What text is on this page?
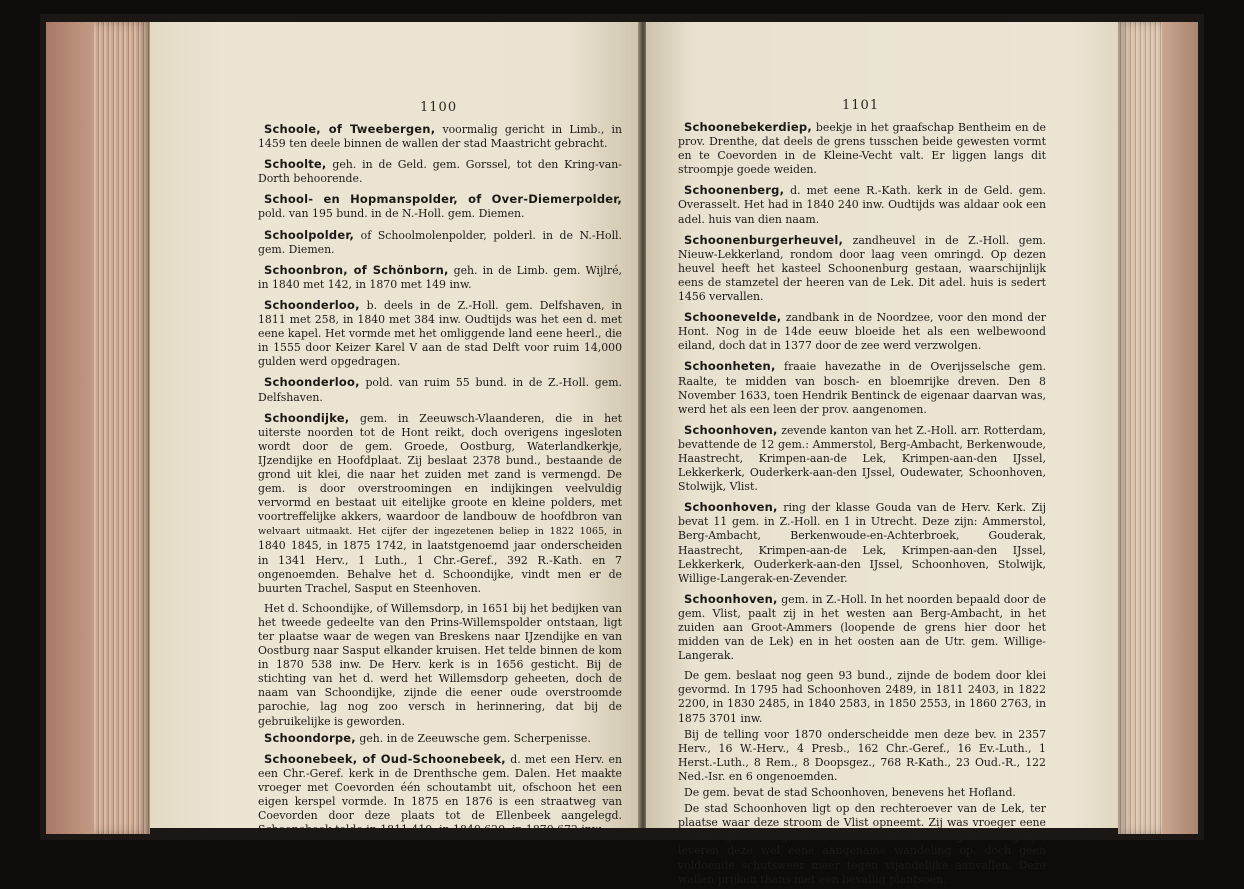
1100

Schoole, of Tweebergen, voormalig gericht in Limb., in 1459 ten deele binnen de wallen der stad Maastricht gebracht.

Schoolte, geh. in de Geld. gem. Gorssel, tot den Kring-van-Dorth behoorende.

School- en Hopmanspolder, of Over-Diemerpolder, pold. van 195 bund. in de N.-Holl. gem. Diemen.

Schoolpolder, of Schoolmolenpolder, polderl. in de N.-Holl. gem. Diemen.

Schoonbron, of Schönborn, geh. in de Limb. gem. Wijlré, in 1840 met 142, in 1870 met 149 inw.

Schoonderloo, b. deels in de Z.-Holl. gem. Delfshaven, in 1811 met 258, in 1840 met 384 inw. Oudtijds was het een d. met eene kapel. Het vormde met het omliggende land eene heerl., die in 1555 door Keizer Karel V aan de stad Delft voor ruim 14,000 gulden werd opgedragen.

Schoonderloo, pold. van ruim 55 bund. in de Z.-Holl. gem. Delfshaven.

Schoondijke, gem. in Zeeuwsch-Vlaanderen, die in het uiterste noorden tot de Hont reikt, doch overigens ingesloten wordt door de gem. Groede, Oostburg, Waterlandkerkje, IJzendijke en Hoofdplaat. Zij beslaat 2378 bund., bestaande de grond uit klei, die naar het zuiden met zand is vermengd. De gem. is door overstroomingen en indijkingen veelvuldig vervormd en bestaat uit eitelijke groote en kleine polders, met voortreffelijke akkers, waardoor de landbouw de hoofdbron van welvaart uitmaakt. Het cijfer der ingezetenen beliep in 1822 1065, in 1840 1845, in 1875 1742, in laatstgenoemd jaar onderscheiden in 1341 Herv., 1 Luth., 1 Chr.-Geref., 392 R.-Kath. en 7 ongenoemden. Behalve het d. Schoondijke, vindt men er de buurten Trachel, Sasput en Steenhoven.

Het d. Schoondijke, of Willemsdorp, in 1651 bij het bedijken van het tweede gedeelte van den Prins-Willemspolder ontstaan, ligt ter plaatse waar de wegen van Breskens naar IJzendijke en van Oostburg naar Sasput elkander kruisen. Het telde binnen de kom in 1870 538 inw. De Herv. kerk is in 1656 gesticht. Bij de stichting van het d. werd het Willemsdorp geheeten, doch de naam van Schoondijke, zijnde die eener oude overstroomde parochie, lag nog zoo versch in herinnering, dat bij de gebruikelijke is geworden.

Schoondorpe, geh. in de Zeeuwsche gem. Scherpenisse.

Schoonebeek, of Oud-Schoonebeek, d. met een Herv. en een Chr.-Geref. kerk in de Drenthsche gem. Dalen. Het maakte vroeger met Coevorden één schoutambt uit, ofschoon het een eigen kerspel vormde. In 1875 en 1876 is een straatweg van Coevorden door deze plaats tot de Ellenbeek aangelegd. Schoonebeek telde in 1811 410, in 1840 620, in 1870 672 inw.

1101

Schoonebekerdiep, beekje in het graafschap Bentheim en de prov. Drenthe, dat deels de grens tusschen beide gewesten vormt en te Coevorden in de Kleine-Vecht valt. Er liggen langs dit stroompje goede weiden.

Schoonenberg, d. met eene R.-Kath. kerk in de Geld. gem. Overasselt. Het had in 1840 240 inw. Oudtijds was aldaar ook een adel. huis van dien naam.

Schoonenburgerheuvel, zandheuvel in de Z.-Holl. gem. Nieuw-Lekkerland, rondom door laag veen omringd. Op dezen heuvel heeft het kasteel Schoonenburg gestaan, waarschijnlijk eens de stamzetel der heeren van de Lek. Dit adel. huis is sedert 1456 vervallen.

Schoonevelde, zandbank in de Noordzee, voor den mond der Hont. Nog in de 14de eeuw bloeide het als een welbewoond eiland, doch dat in 1377 door de zee werd verzwolgen.

Schoonheten, fraaie havezathe in de Overijsselsche gem. Raalte, te midden van bosch- en bloemrijke dreven. Den 8 November 1633, toen Hendrik Bentinck de eigenaar daarvan was, werd het als een leen der prov. aangenomen.

Schoonhoven, zevende kanton van het Z.-Holl. arr. Rotterdam, bevattende de 12 gem.: Ammerstol, Berg-Ambacht, Berkenwoude, Haastrecht, Krimpen-aan-de Lek, Krimpen-aan-den IJssel, Lekkerkerk, Ouderkerk-aan-den IJssel, Oudewater, Schoonhoven, Stolwijk, Vlist.

Schoonhoven, ring der klasse Gouda van de Herv. Kerk. Zij bevat 11 gem. in Z.-Holl. en 1 in Utrecht. Deze zijn: Ammerstol, Berg-Ambacht, Berkenwoude-en-Achterbroek, Gouderak, Haastrecht, Krimpen-aan-de Lek, Krimpen-aan-den IJssel, Lekkerkerk, Ouderkerk-aan-den IJssel, Schoonhoven, Stolwijk, Willige-Langerak-en-Zevender.

Schoonhoven, gem. in Z.-Holl. In het noorden bepaald door de gem. Vlist, paalt zij in het westen aan Berg-Ambacht, in het zuiden aan Groot-Ammers (loopende de grens hier door het midden van de Lek) en in het oosten aan de Utr. gem. Willige-Langerak.

De gem. beslaat nog geen 93 bund., zijnde de bodem door klei gevormd. In 1795 had Schoonhoven 2489, in 1811 2403, in 1822 2200, in 1830 2485, in 1840 2583, in 1850 2553, in 1860 2763, in 1875 3701 inw.

Bij de telling voor 1870 onderscheidde men deze bev. in 2357 Herv., 16 W.-Herv., 4 Presb., 162 Chr.-Geref., 16 Ev.-Luth., 1 Herst.-Luth., 8 Rem., 8 Doopsgez., 768 R-Kath., 23 Oud.-R., 122 Ned.-Isr. en 6 ongenoemden.

De gem. bevat de stad Schoonhoven, benevens het Hofland.

De stad Schoonhoven ligt op den rechteroever van de Lek, ter plaatse waar deze stroom de Vlist opneemt. Zij was vroeger eene aanzienlijke vesting, maar, ofschoon de wallen nog aanwezig zijn, leveren deze wel eene aangename wandeling op, doch geen voldoende schutsweer meer tegen vijandelijke aanvallen. Deze wallen prijken thans met een bevallig plantsoen.
